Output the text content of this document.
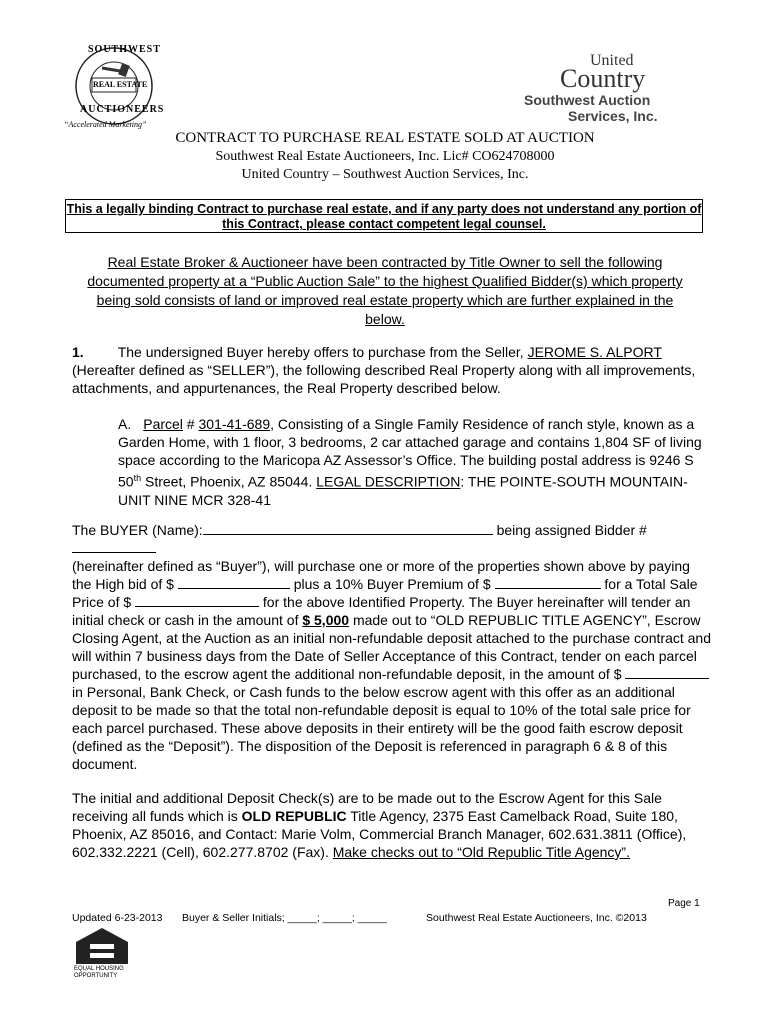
SOUTHWEST
REAL ESTATE
AUCTIONEERS
“Accelerated Marketing”
United
Country
Southwest Auction
Services, Inc.
CONTRACT TO PURCHASE REAL ESTATE SOLD AT AUCTION
Southwest Real Estate Auctioneers, Inc. Lic# CO624708000
United Country – Southwest Auction Services, Inc.

This a legally binding Contract to purchase real estate, and if any party does not understand any portion of this Contract, please contact competent legal counsel.

Real Estate Broker & Auctioneer have been contracted by Title Owner to sell the following documented property at a “Public Auction Sale” to the highest Qualified Bidder(s) which property being sold consists of land or improved real estate property which are further explained in the below.

1. The undersigned Buyer hereby offers to purchase from the Seller, JEROME S. ALPORT (Hereafter defined as “SELLER”), the following described Real Property along with all improvements, attachments, and appurtenances, the Real Property described below.

A. Parcel # 301-41-689, Consisting of a Single Family Residence of ranch style, known as a Garden Home, with 1 floor, 3 bedrooms, 2 car attached garage and contains 1,804 SF of living space according to the Maricopa AZ Assessor’s Office. The building postal address is 9246 S 50th Street, Phoenix, AZ 85044. LEGAL DESCRIPTION: THE POINTE-SOUTH MOUNTAIN-UNIT NINE MCR 328-41

The BUYER (Name):	being assigned Bidder #

(hereinafter defined as “Buyer”), will purchase one or more of the properties shown above by paying the High bid of $	plus a 10% Buyer Premium of $	for a Total Sale Price of $	for the above Identified Property. The Buyer hereinafter will tender an initial check or cash in the amount of $ 5,000 made out to “OLD REPUBLIC TITLE AGENCY”, Escrow Closing Agent, at the Auction as an initial non-refundable deposit attached to the purchase contract and will within 7 business days from the Date of Seller Acceptance of this Contract, tender on each parcel purchased, to the escrow agent the additional non-refundable deposit, in the amount of $  in Personal, Bank Check, or Cash funds to the below escrow agent with this offer as an additional deposit to be made so that the total non-refundable deposit is equal to 10% of the total sale price for each parcel purchased. These above deposits in their entirety will be the good faith escrow deposit (defined as the “Deposit”). The disposition of the Deposit is referenced in paragraph 6 & 8 of this document.

The initial and additional Deposit Check(s) are to be made out to the Escrow Agent for this Sale receiving all funds which is OLD REPUBLIC Title Agency, 2375 East Camelback Road, Suite 180, Phoenix, AZ 85016, and Contact: Marie Volm, Commercial Branch Manager, 602.631.3811 (Office), 602.332.2221 (Cell), 602.277.8702 (Fax). Make checks out to “Old Republic Title Agency”.

Page 1
Updated 6-23-2013 Buyer & Seller Initials; _____; _____; _____	Southwest Real Estate Auctioneers, Inc. ©2013
EQUAL HOUSING
OPPORTUNITY
